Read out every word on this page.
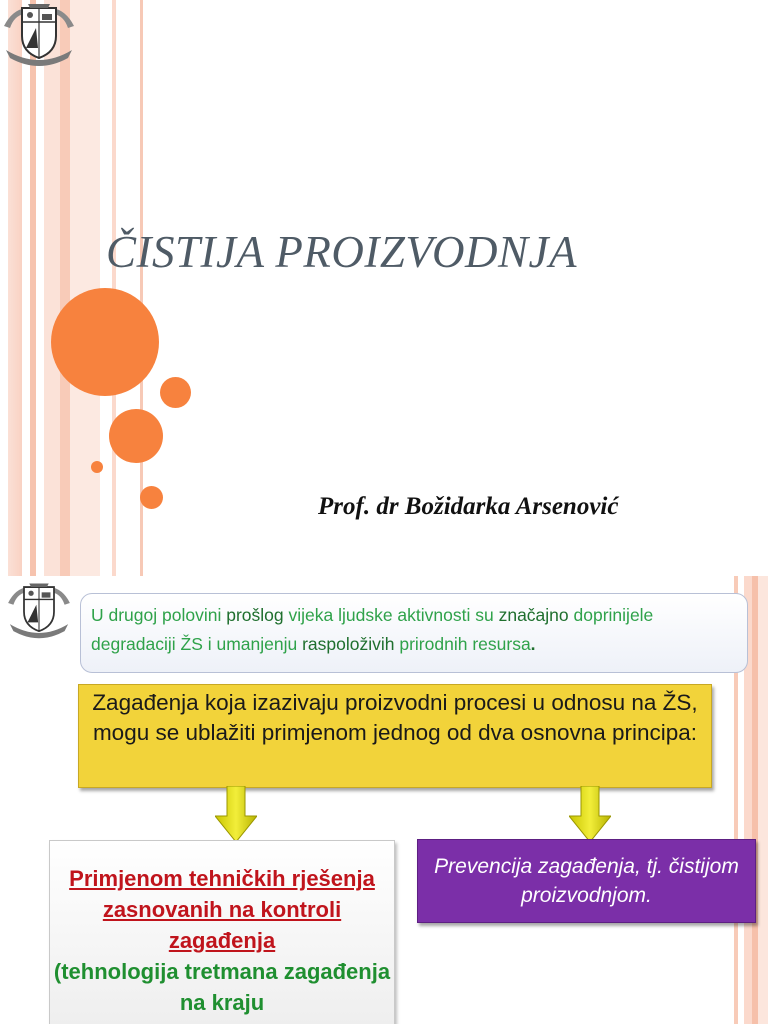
ČISTIJA PROIZVODNJA
Prof. dr Božidarka Arsenović
U drugoj polovini prošlog vijeka ljudske aktivnosti su značajno doprinijele degradaciji ŽS i umanjenju raspoloživih prirodnih resursa.
Zagađenja koja izazivaju proizvodni procesi u odnosu na ŽS, mogu se ublažiti primjenom jednog od dva osnovna principa:
Primjenom tehničkih rješenja zasnovanih na kontroli zagađenja
(tehnologija tretmana zagađenja na kraju
Prevencija zagađenja, tj. čistijom proizvodnjom.
